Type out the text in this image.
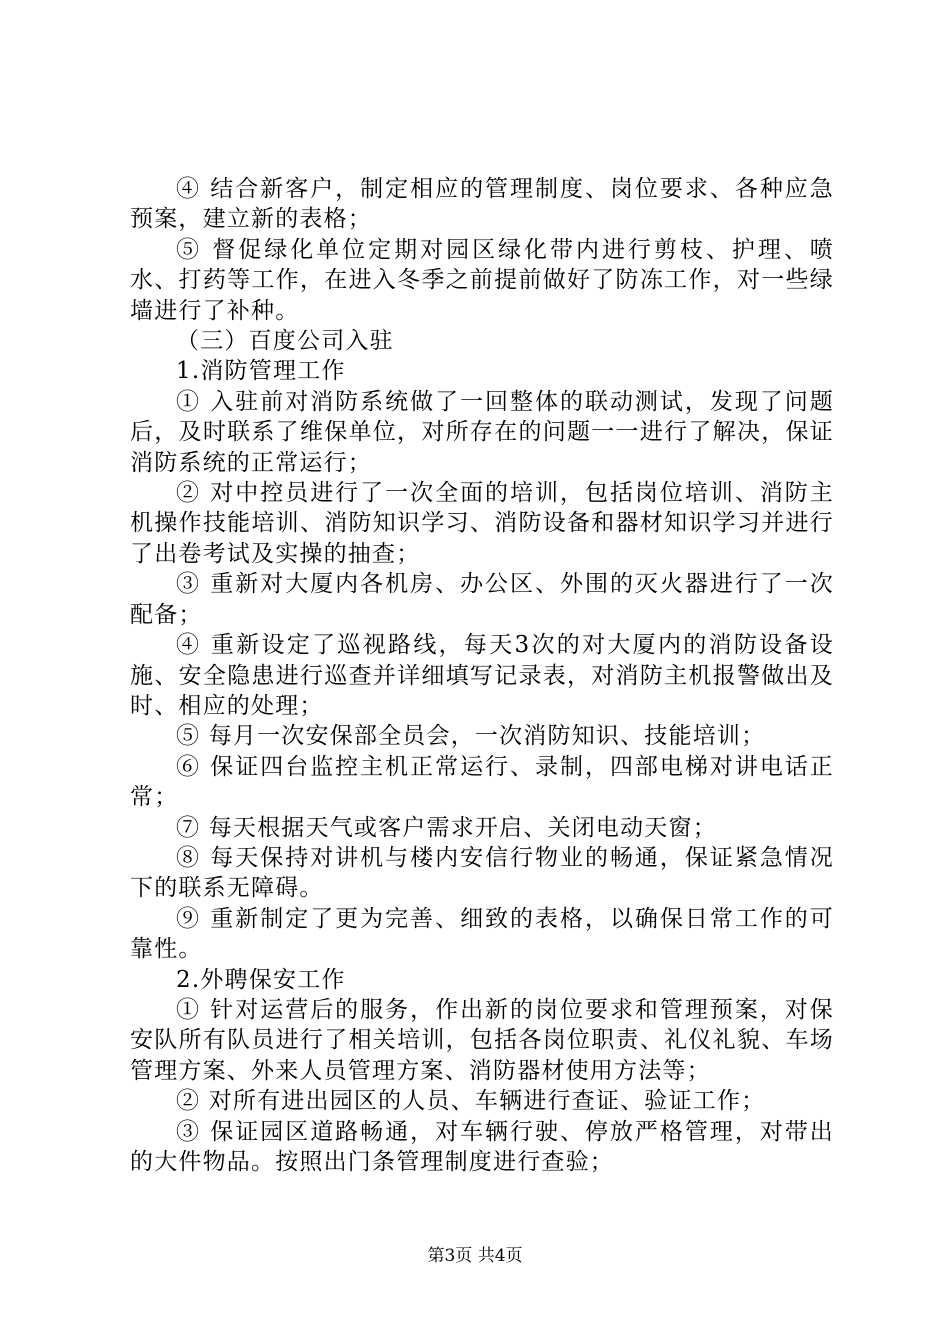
④ 结合新客户，制定相应的管理制度、岗位要求、各种应急预案，建立新的表格；

⑤ 督促绿化单位定期对园区绿化带内进行剪枝、护理、喷水、打药等工作，在进入冬季之前提前做好了防冻工作，对一些绿墙进行了补种。

（三）百度公司入驻

1.消防管理工作

① 入驻前对消防系统做了一回整体的联动测试，发现了问题后，及时联系了维保单位，对所存在的问题一一进行了解决，保证消防系统的正常运行；

② 对中控员进行了一次全面的培训，包括岗位培训、消防主机操作技能培训、消防知识学习、消防设备和器材知识学习并进行了出卷考试及实操的抽查；

③ 重新对大厦内各机房、办公区、外围的灭火器进行了一次配备；

④ 重新设定了巡视路线，每天3次的对大厦内的消防设备设施、安全隐患进行巡查并详细填写记录表，对消防主机报警做出及时、相应的处理；

⑤ 每月一次安保部全员会，一次消防知识、技能培训；

⑥ 保证四台监控主机正常运行、录制，四部电梯对讲电话正常；

⑦ 每天根据天气或客户需求开启、关闭电动天窗；

⑧ 每天保持对讲机与楼内安信行物业的畅通，保证紧急情况下的联系无障碍。

⑨ 重新制定了更为完善、细致的表格，以确保日常工作的可靠性。

2.外聘保安工作

① 针对运营后的服务，作出新的岗位要求和管理预案，对保安队所有队员进行了相关培训，包括各岗位职责、礼仪礼貌、车场管理方案、外来人员管理方案、消防器材使用方法等；

② 对所有进出园区的人员、车辆进行查证、验证工作；

③ 保证园区道路畅通，对车辆行驶、停放严格管理，对带出的大件物品。按照出门条管理制度进行查验；

第3页 共4页
